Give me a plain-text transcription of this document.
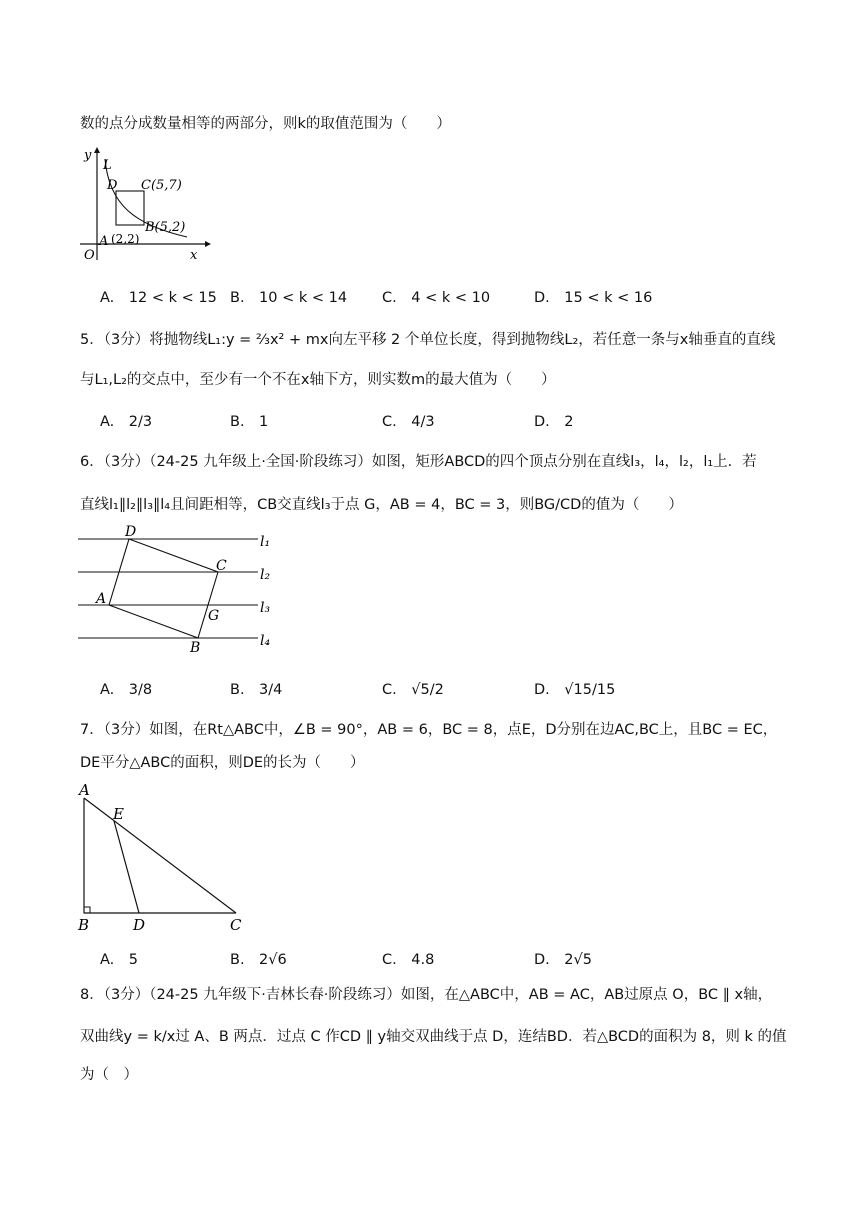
数的点分成数量相等的两部分，则k的取值范围为（　　）
y
x
O
L
D C(5,7)
B(5,2)
A (2,2)
A.　12 < k < 15 B.　10 < k < 14 C.　4 < k < 10	D.　15 < k < 16
5．（3分）将抛物线L₁:y = ⅔x² + mx向左平移 2 个单位长度，得到抛物线L₂，若任意一条与x轴垂直的直线
与L₁,L₂的交点中，至少有一个不在x轴下方，则实数m的最大值为（　　）
A.　2/3	B.　1	C.　4/3	D.　2
6．（3分）（24-25 九年级上·全国·阶段练习）如图，矩形ABCD的四个顶点分别在直线l₃，l₄，l₂，l₁上．若
直线l₁∥l₂∥l₃∥l₄且间距相等，CB交直线l₃于点 G，AB = 4，BC = 3，则BG/CD的值为（　　）
D
C
A
G
B
l₁
l₂
l₃
l₄
A.　3/8	B.　3/4	C.　√5/2	D.　√15/15
7．（3分）如图，在Rt△ABC中，∠B = 90°，AB = 6，BC = 8，点E，D分别在边AC,BC上，且BC = EC，
DE平分△ABC的面积，则DE的长为（　　）
A
E
B	D	C
A.　5	B.　2√6	C.　4.8	D.　2√5
8．（3分）（24-25 九年级下·吉林长春·阶段练习）如图，在△ABC中，AB = AC，AB过原点 O，BC ∥ x轴，
双曲线y = k/x过 A、B 两点．过点 C 作CD ∥ y轴交双曲线于点 D，连结BD．若△BCD的面积为 8，则 k 的值
为（　）
